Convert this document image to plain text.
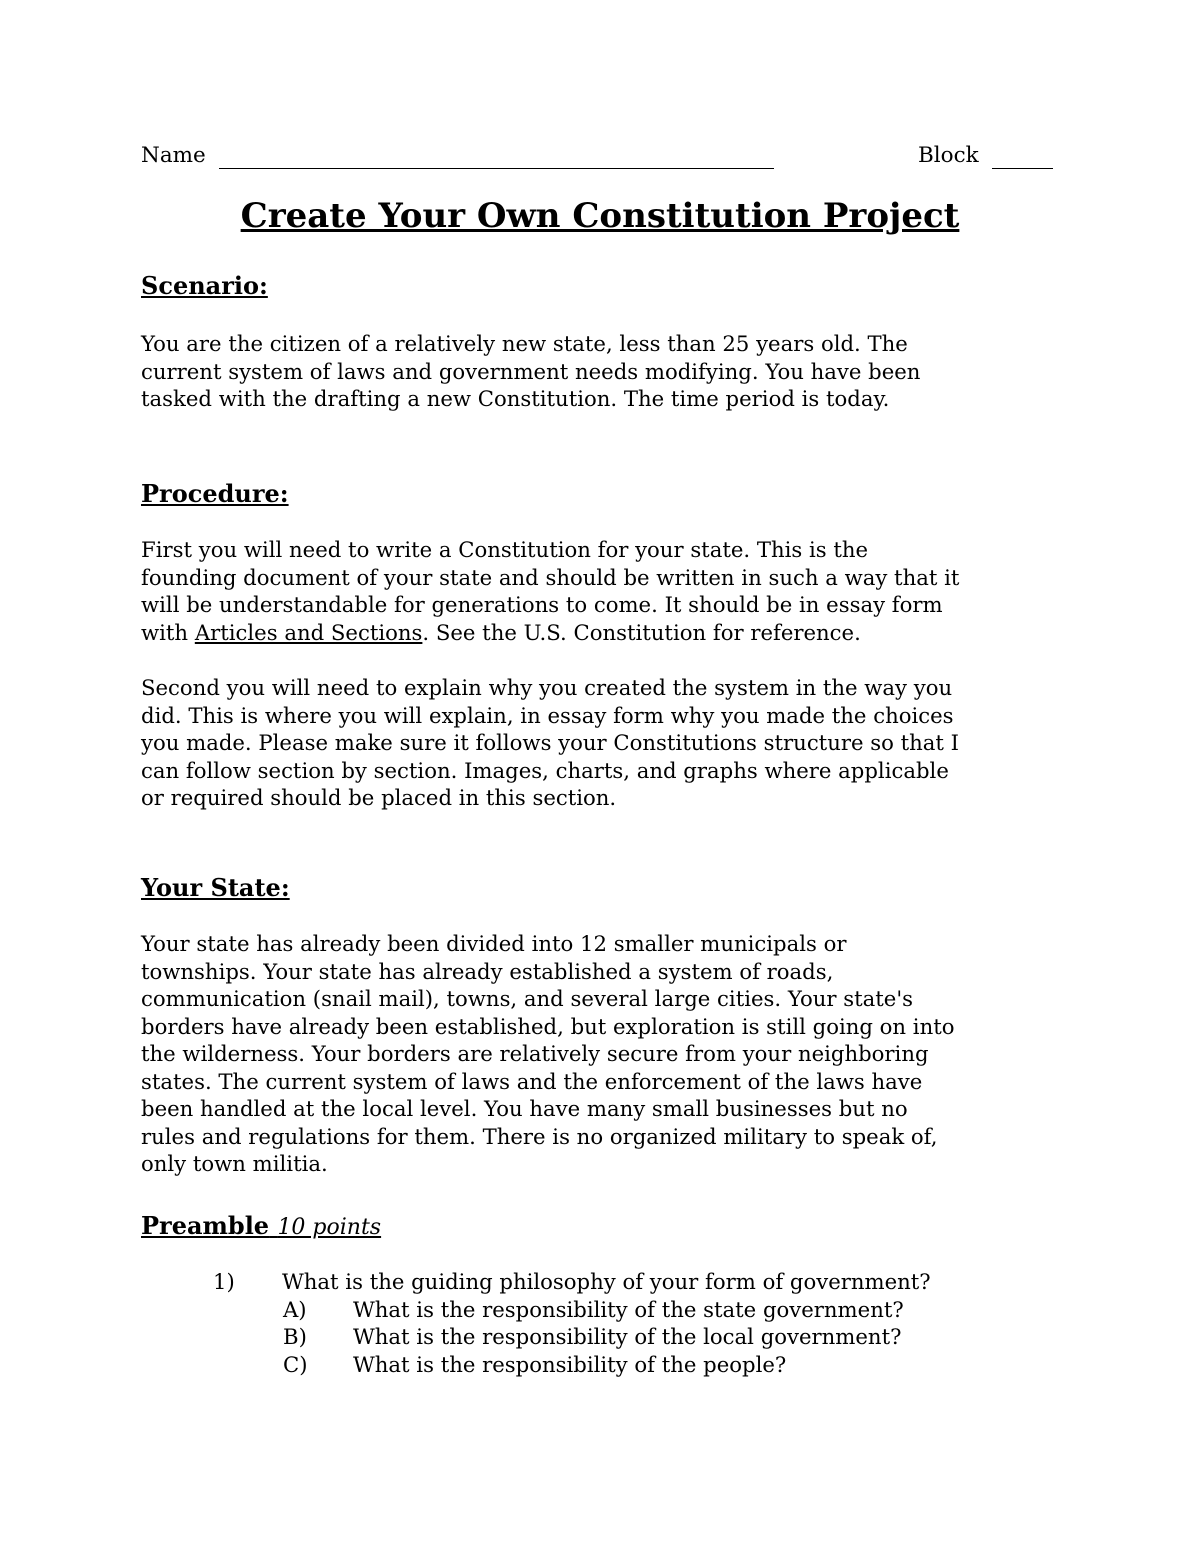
Name	Block
Create Your Own Constitution Project
Scenario:
You are the citizen of a relatively new state, less than 25 years old. The
current system of laws and government needs modifying. You have been
tasked with the drafting a new Constitution. The time period is today.
Procedure:
First you will need to write a Constitution for your state. This is the
founding document of your state and should be written in such a way that it
will be understandable for generations to come. It should be in essay form
with Articles and Sections. See the U.S. Constitution for reference.
Second you will need to explain why you created the system in the way you
did. This is where you will explain, in essay form why you made the choices
you made. Please make sure it follows your Constitutions structure so that I
can follow section by section. Images, charts, and graphs where applicable
or required should be placed in this section.
Your State:
Your state has already been divided into 12 smaller municipals or
townships. Your state has already established a system of roads,
communication (snail mail), towns, and several large cities. Your state's
borders have already been established, but exploration is still going on into
the wilderness. Your borders are relatively secure from your neighboring
states. The current system of laws and the enforcement of the laws have
been handled at the local level. You have many small businesses but no
rules and regulations for them. There is no organized military to speak of,
only town militia.
Preamble 10 points
1) What is the guiding philosophy of your form of government?
A) What is the responsibility of the state government?
B) What is the responsibility of the local government?
C) What is the responsibility of the people?
